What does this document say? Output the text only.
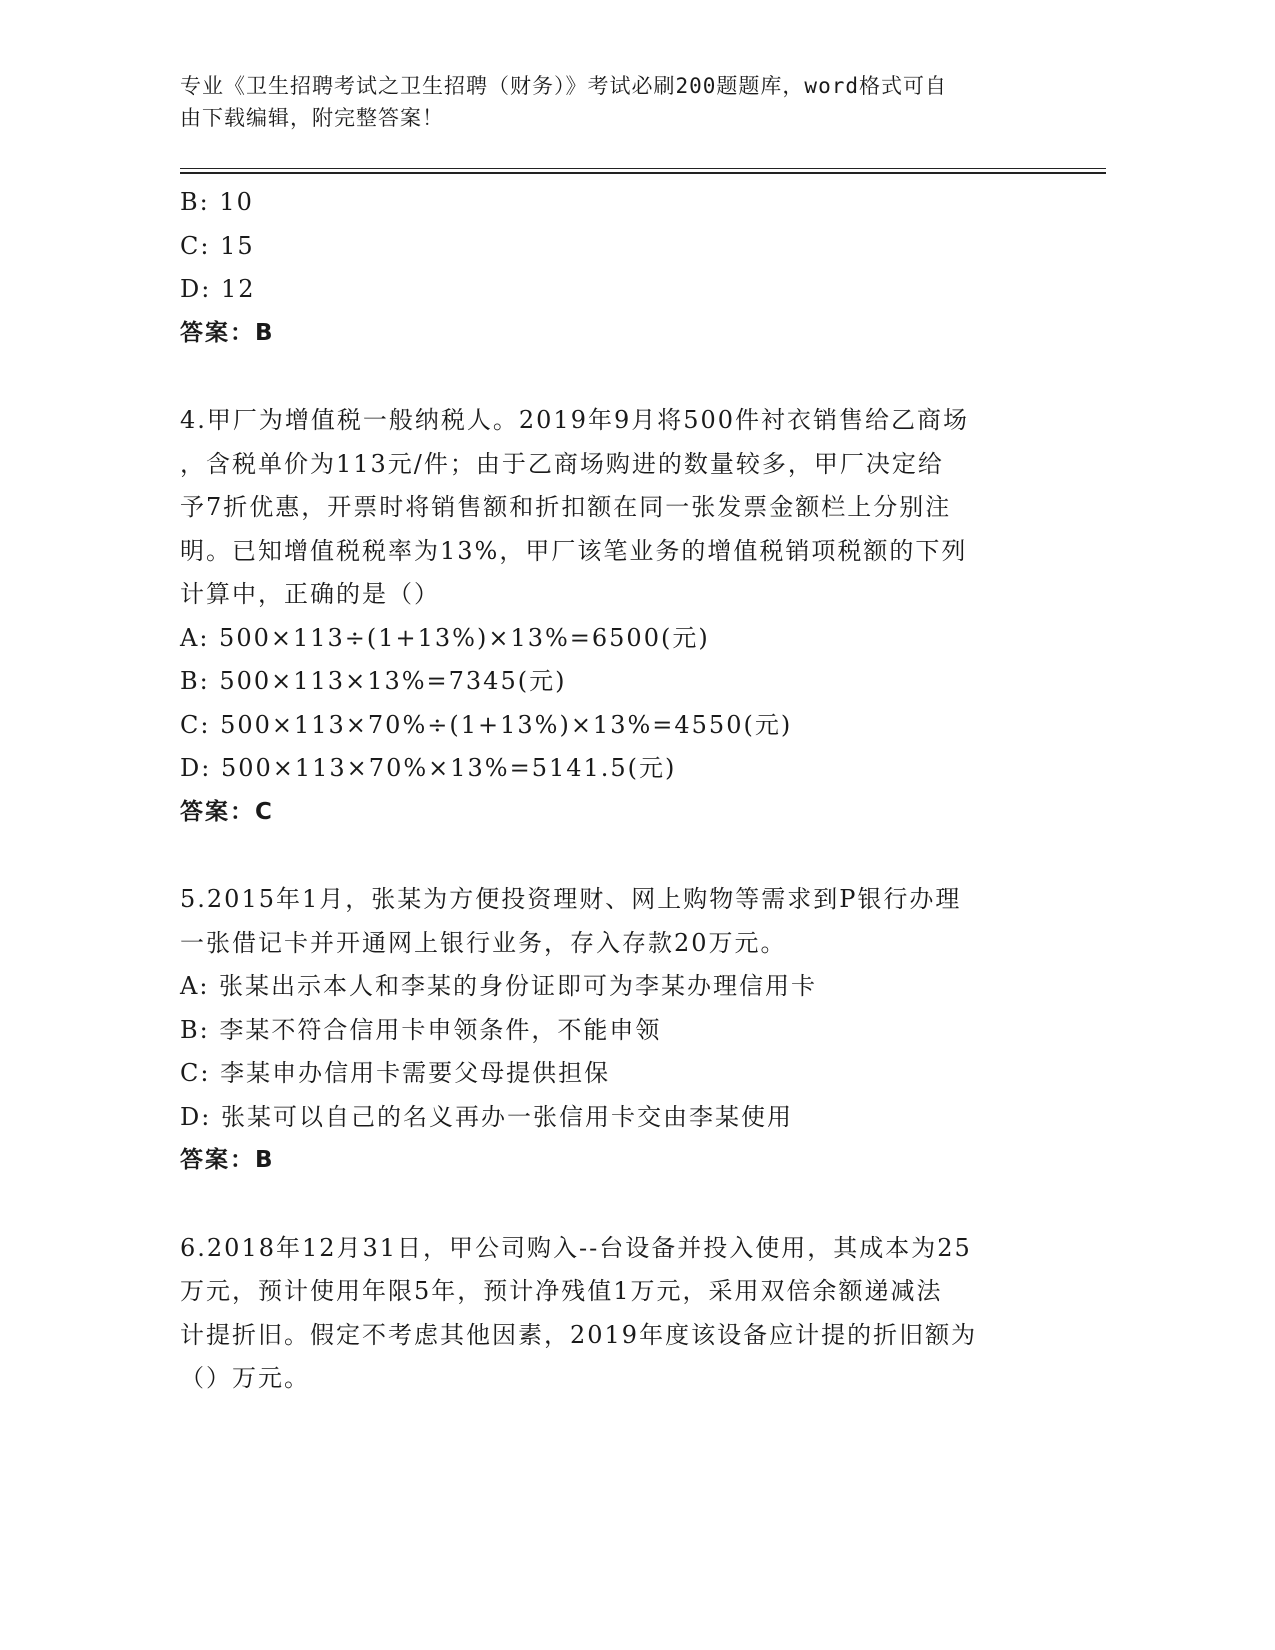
专业《卫生招聘考试之卫生招聘（财务）》考试必刷200题题库，word格式可自
由下载编辑，附完整答案！
B: 10
C: 15
D: 12
答案：B
4.甲厂为增值税一般纳税人。2019年9月将500件衬衣销售给乙商场
，含税单价为113元/件；由于乙商场购进的数量较多，甲厂决定给
予7折优惠，开票时将销售额和折扣额在同一张发票金额栏上分别注
明。已知增值税税率为13%，甲厂该笔业务的增值税销项税额的下列
计算中，正确的是（）
A: 500×113÷(1+13%)×13%=6500(元)
B: 500×113×13%=7345(元)
C: 500×113×70%÷(1+13%)×13%=4550(元)
D: 500×113×70%×13%=5141.5(元)
答案：C
5.2015年1月，张某为方便投资理财、网上购物等需求到P银行办理
一张借记卡并开通网上银行业务，存入存款20万元。
A: 张某出示本人和李某的身份证即可为李某办理信用卡
B: 李某不符合信用卡申领条件，不能申领
C: 李某申办信用卡需要父母提供担保
D: 张某可以自己的名义再办一张信用卡交由李某使用
答案：B
6.2018年12月31日，甲公司购入--台设备并投入使用，其成本为25
万元，预计使用年限5年，预计净残值1万元，采用双倍余额递减法
计提折旧。假定不考虑其他因素，2019年度该设备应计提的折旧额为
（）万元。
